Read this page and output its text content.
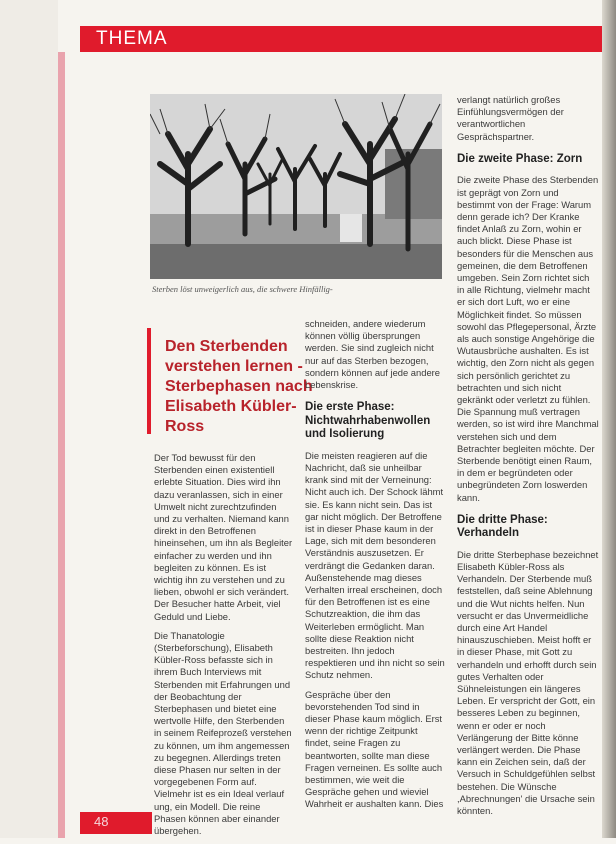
THEMA
Sterben löst unweigerlich aus, die schwere Hinfällig-
Den Sterbenden verstehen lernen - Sterbephasen nach Elisabeth Kübler-Ross

Der Tod bewusst für den Sterbenden einen existentiell erlebte Situation. Dies wird ihn dazu veranlassen, sich in einer Umwelt nicht zurechtzufinden und zu verhalten. Niemand kann direkt in den Betroffenen hineinsehen, um ihn als Begleiter einfacher zu werden und ihn begleiten zu können. Es ist wichtig ihn zu verstehen und zu lieben, obwohl er sich verändert. Der Besucher hatte Arbeit, viel Geduld und Liebe.

Die Thanatologie (Sterbeforschung), Elisabeth Kübler-Ross befasste sich in ihrem Buch Interviews mit Sterbenden mit Erfahrungen und der Beobachtung der Sterbephasen und bietet eine wertvolle Hilfe, den Sterbenden in seinem Reifeprozeß verstehen zu können, um ihm angemessen zu begegnen. Allerdings treten diese Phasen nur selten in der vorgegebenen Form auf. Vielmehr ist es ein Ideal verlauf ung, ein Modell. Die reine Phasen können aber einander übergehen.

schneiden, andere wiederum können völlig übersprungen werden. Sie sind zugleich nicht nur auf das Sterben bezogen, sondern können auf jede andere Lebenskrise.

Die erste Phase: Nichtwahrhabenwollen und Isolierung

Die meisten reagieren auf die Nachricht, daß sie unheilbar krank sind mit der Verneinung: Nicht auch ich. Der Schock lähmt sie. Es kann nicht sein. Das ist gar nicht möglich. Der Betroffene ist in dieser Phase kaum in der Lage, sich mit dem besonderen Verständnis auszusetzen. Er verdrängt die Gedanken daran. Außenstehende mag dieses Verhalten irreal erscheinen, doch für den Betroffenen ist es eine Schutzreaktion, die ihm das Weiterleben ermöglicht. Man sollte diese Reaktion nicht bestreiten. Ihn jedoch respektieren und ihn nicht so sein Schutz nehmen.

Gespräche über den bevorstehenden Tod sind in dieser Phase kaum möglich. Erst wenn der richtige Zeitpunkt findet, seine Fragen zu beantworten, sollte man diese Fragen verneinen. Es sollte auch bestimmen, wie weit die Gespräche gehen und wieviel Wahrheit er aushalten kann. Dies

verlangt natürlich großes Einfühlungsvermögen der verantwortlichen Gesprächspartner.

Die zweite Phase: Zorn

Die zweite Phase des Sterbenden ist geprägt von Zorn und bestimmt von der Frage: Warum denn gerade ich? Der Kranke findet Anlaß zu Zorn, wohin er auch blickt. Diese Phase ist besonders für die Menschen aus gemeinen, die dem Betroffenen umgeben. Sein Zorn richtet sich in alle Richtung, vielmehr macht er sich dort Luft, wo er eine Möglichkeit findet. So müssen sowohl das Pflegepersonal, Ärzte als auch sonstige Angehörige die Wutausbrüche aushalten. Es ist wichtig, den Zorn nicht als gegen sich persönlich gerichtet zu betrachten und sich nicht gekränkt oder verletzt zu fühlen. Die Spannung muß vertragen werden, so ist wird ihre Manchmal verstehen sich und dem Betrachter begleiten möchte. Der Sterbende benötigt einen Raum, in dem er begründeten oder unbegründeten Zorn loswerden kann.

Die dritte Phase: Verhandeln

Die dritte Sterbephase bezeichnet Elisabeth Kübler-Ross als Verhandeln. Der Sterbende muß feststellen, daß seine Ablehnung und die Wut nichts helfen. Nun versucht er das Unvermeidliche durch eine Art Handel hinauszuschieben. Meist hofft er in dieser Phase, mit Gott zu verhandeln und erhofft durch sein gutes Verhalten oder Sühneleistungen ein längeres Leben. Er verspricht der Gott, ein besseres Leben zu beginnen, wenn er oder er noch Verlängerung der Bitte könne verlängert werden. Die Phase kann ein Zeichen sein, daß der Versuch in Schuldgefühlen selbst bestehen. Die Wünsche ,Abrechnungen' die Ursache sein könnten.

48
